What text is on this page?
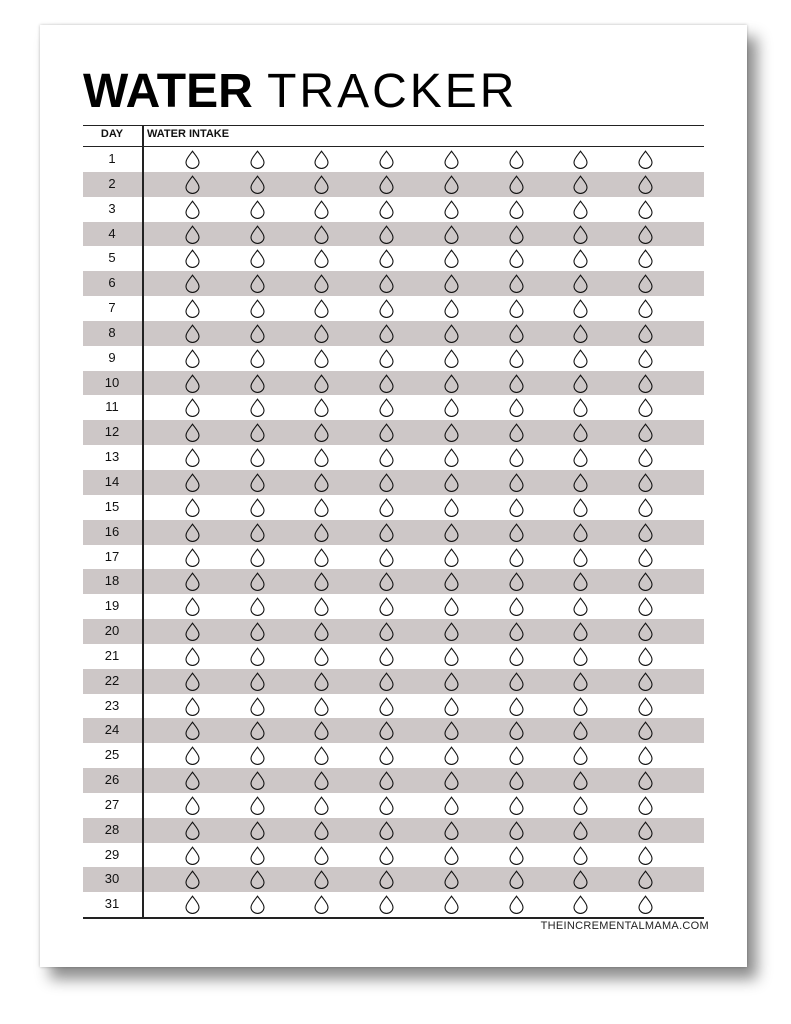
WATER TRACKER
DAY	WATER INTAKE
1
2
3
4
5
6
7
8
9
10
11
12
13
14
15
16
17
18
19
20
21
22
23
24
25
26
27
28
29
30
31
THEINCREMENTALMAMA.COM
